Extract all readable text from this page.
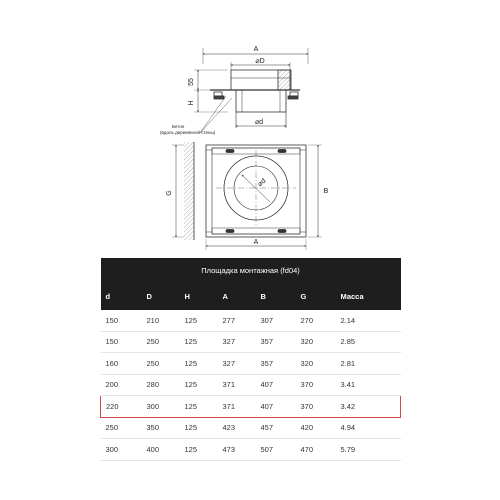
A
⌀D
55
H
⌀d
⌀d
G	B
A
Бетон
(вдоль деревянной стены)
Площадка монтажная (fd04)						
d	D	H	A	B	G	Масса
150	210	125	277	307	270	2.14
150	250	125	327	357	320	2.85
160	250	125	327	357	320	2.81
200	280	125	371	407	370	3.41
220	300	125	371	407	370	3.42
250	350	125	423	457	420	4.94
300	400	125	473	507	470	5.79
